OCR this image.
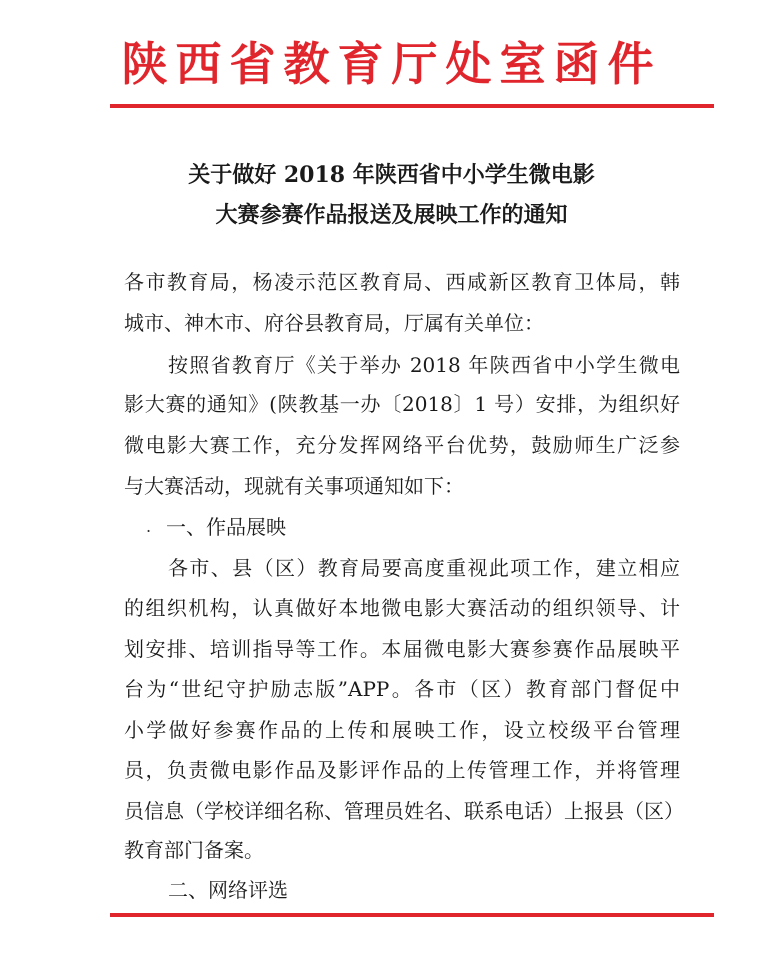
陕西省教育厅处室函件
关于做好 2018 年陕西省中小学生微电影
大赛参赛作品报送及展映工作的通知
各市教育局，杨凌示范区教育局、西咸新区教育卫体局，韩
城市、神木市、府谷县教育局，厅属有关单位：
按照省教育厅《关于举办 2018 年陕西省中小学生微电
影大赛的通知》(陕教基一办〔2018〕1 号）安排，为组织好
微电影大赛工作，充分发挥网络平台优势，鼓励师生广泛参
与大赛活动，现就有关事项通知如下：
. 一、作品展映
各市、县（区）教育局要高度重视此项工作，建立相应
的组织机构，认真做好本地微电影大赛活动的组织领导、计
划安排、培训指导等工作。本届微电影大赛参赛作品展映平
台为“世纪守护励志版”APP。各市（区）教育部门督促中
小学做好参赛作品的上传和展映工作，设立校级平台管理
员，负责微电影作品及影评作品的上传管理工作，并将管理
员信息（学校详细名称、管理员姓名、联系电话）上报县（区）
教育部门备案。
二、网络评选
